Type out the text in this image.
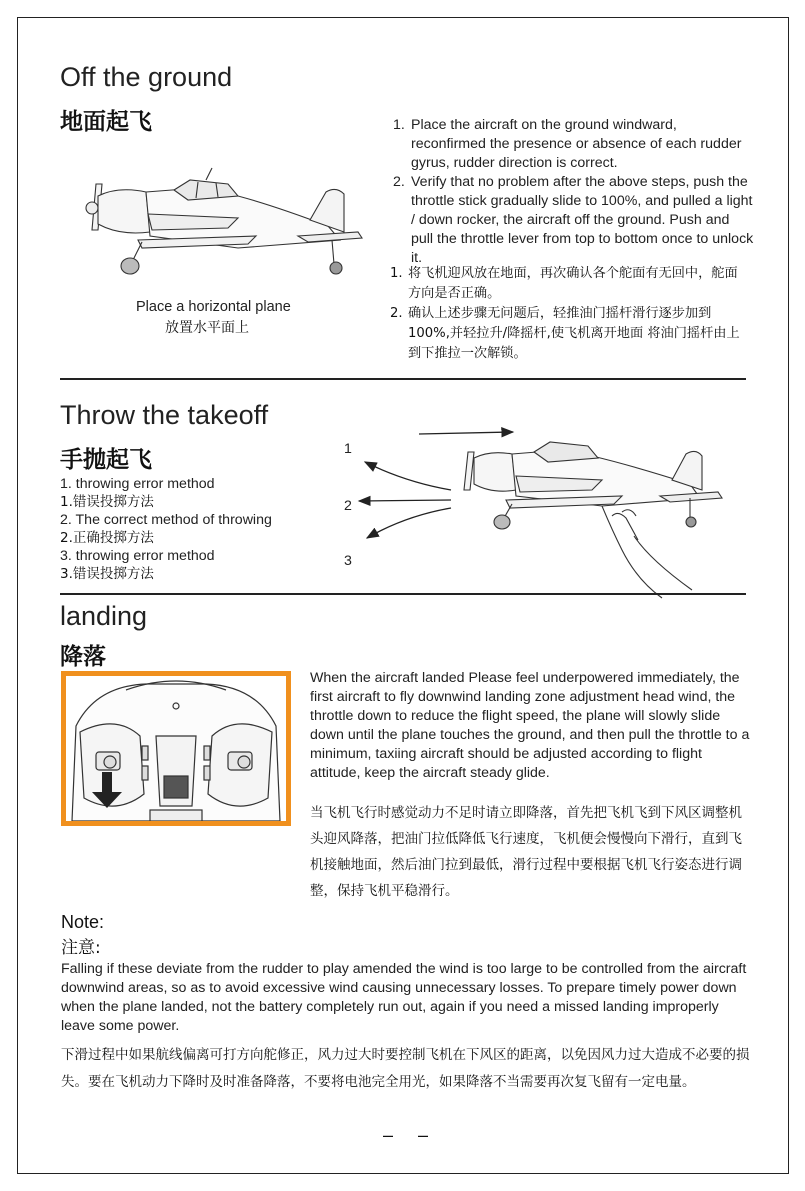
Off the ground
地面起飞
Place a horizontal plane
放置水平面上
1. Place the aircraft on the ground windward, reconfirmed the presence or absence of each rudder gyrus, rudder direction is correct.
2. Verify that no problem after the above steps, push the throttle stick gradually slide to 100%, and pulled a light / down rocker, the aircraft off the ground. Push and pull the throttle lever from top to bottom once to unlock it.
1. 将飞机迎风放在地面，再次确认各个舵面有无回中，舵面方向是否正确。
2. 确认上述步骤无问题后，轻推油门摇杆滑行逐步加到100%,并轻拉升/降摇杆,使飞机离开地面 将油门摇杆由上到下推拉一次解锁。
Throw the takeoff
手抛起飞
1. throwing error method
1.错误投掷方法
2. The correct method of throwing
2.正确投掷方法
3. throwing error method
3.错误投掷方法
1
2
3
landing
降落
When the aircraft landed Please feel underpowered immediately, the first aircraft to fly downwind landing zone adjustment head wind, the throttle down to reduce the flight speed, the plane will slowly slide down until the plane touches the ground, and then pull the throttle to a minimum, taxiing aircraft should be adjusted according to flight attitude, keep the aircraft steady glide.
当飞机飞行时感觉动力不足时请立即降落，首先把飞机飞到下风区调整机头迎风降落，把油门拉低降低飞行速度，飞机便会慢慢向下滑行，直到飞机接触地面，然后油门拉到最低，滑行过程中要根据飞机飞行姿态进行调整，保持飞机平稳滑行。
Note:
注意:
Falling if these deviate from the rudder to play amended the wind is too large to be controlled from the aircraft downwind areas, so as to avoid excessive wind causing unnecessary losses. To prepare timely power down when the plane landed, not the battery completely run out, again if you need a missed landing improperly leave some power.
下滑过程中如果航线偏离可打方向舵修正，风力过大时要控制飞机在下风区的距离，以免因风力过大造成不必要的损失。要在飞机动力下降时及时准备降落，不要将电池完全用光，如果降落不当需要再次复飞留有一定电量。
– –
